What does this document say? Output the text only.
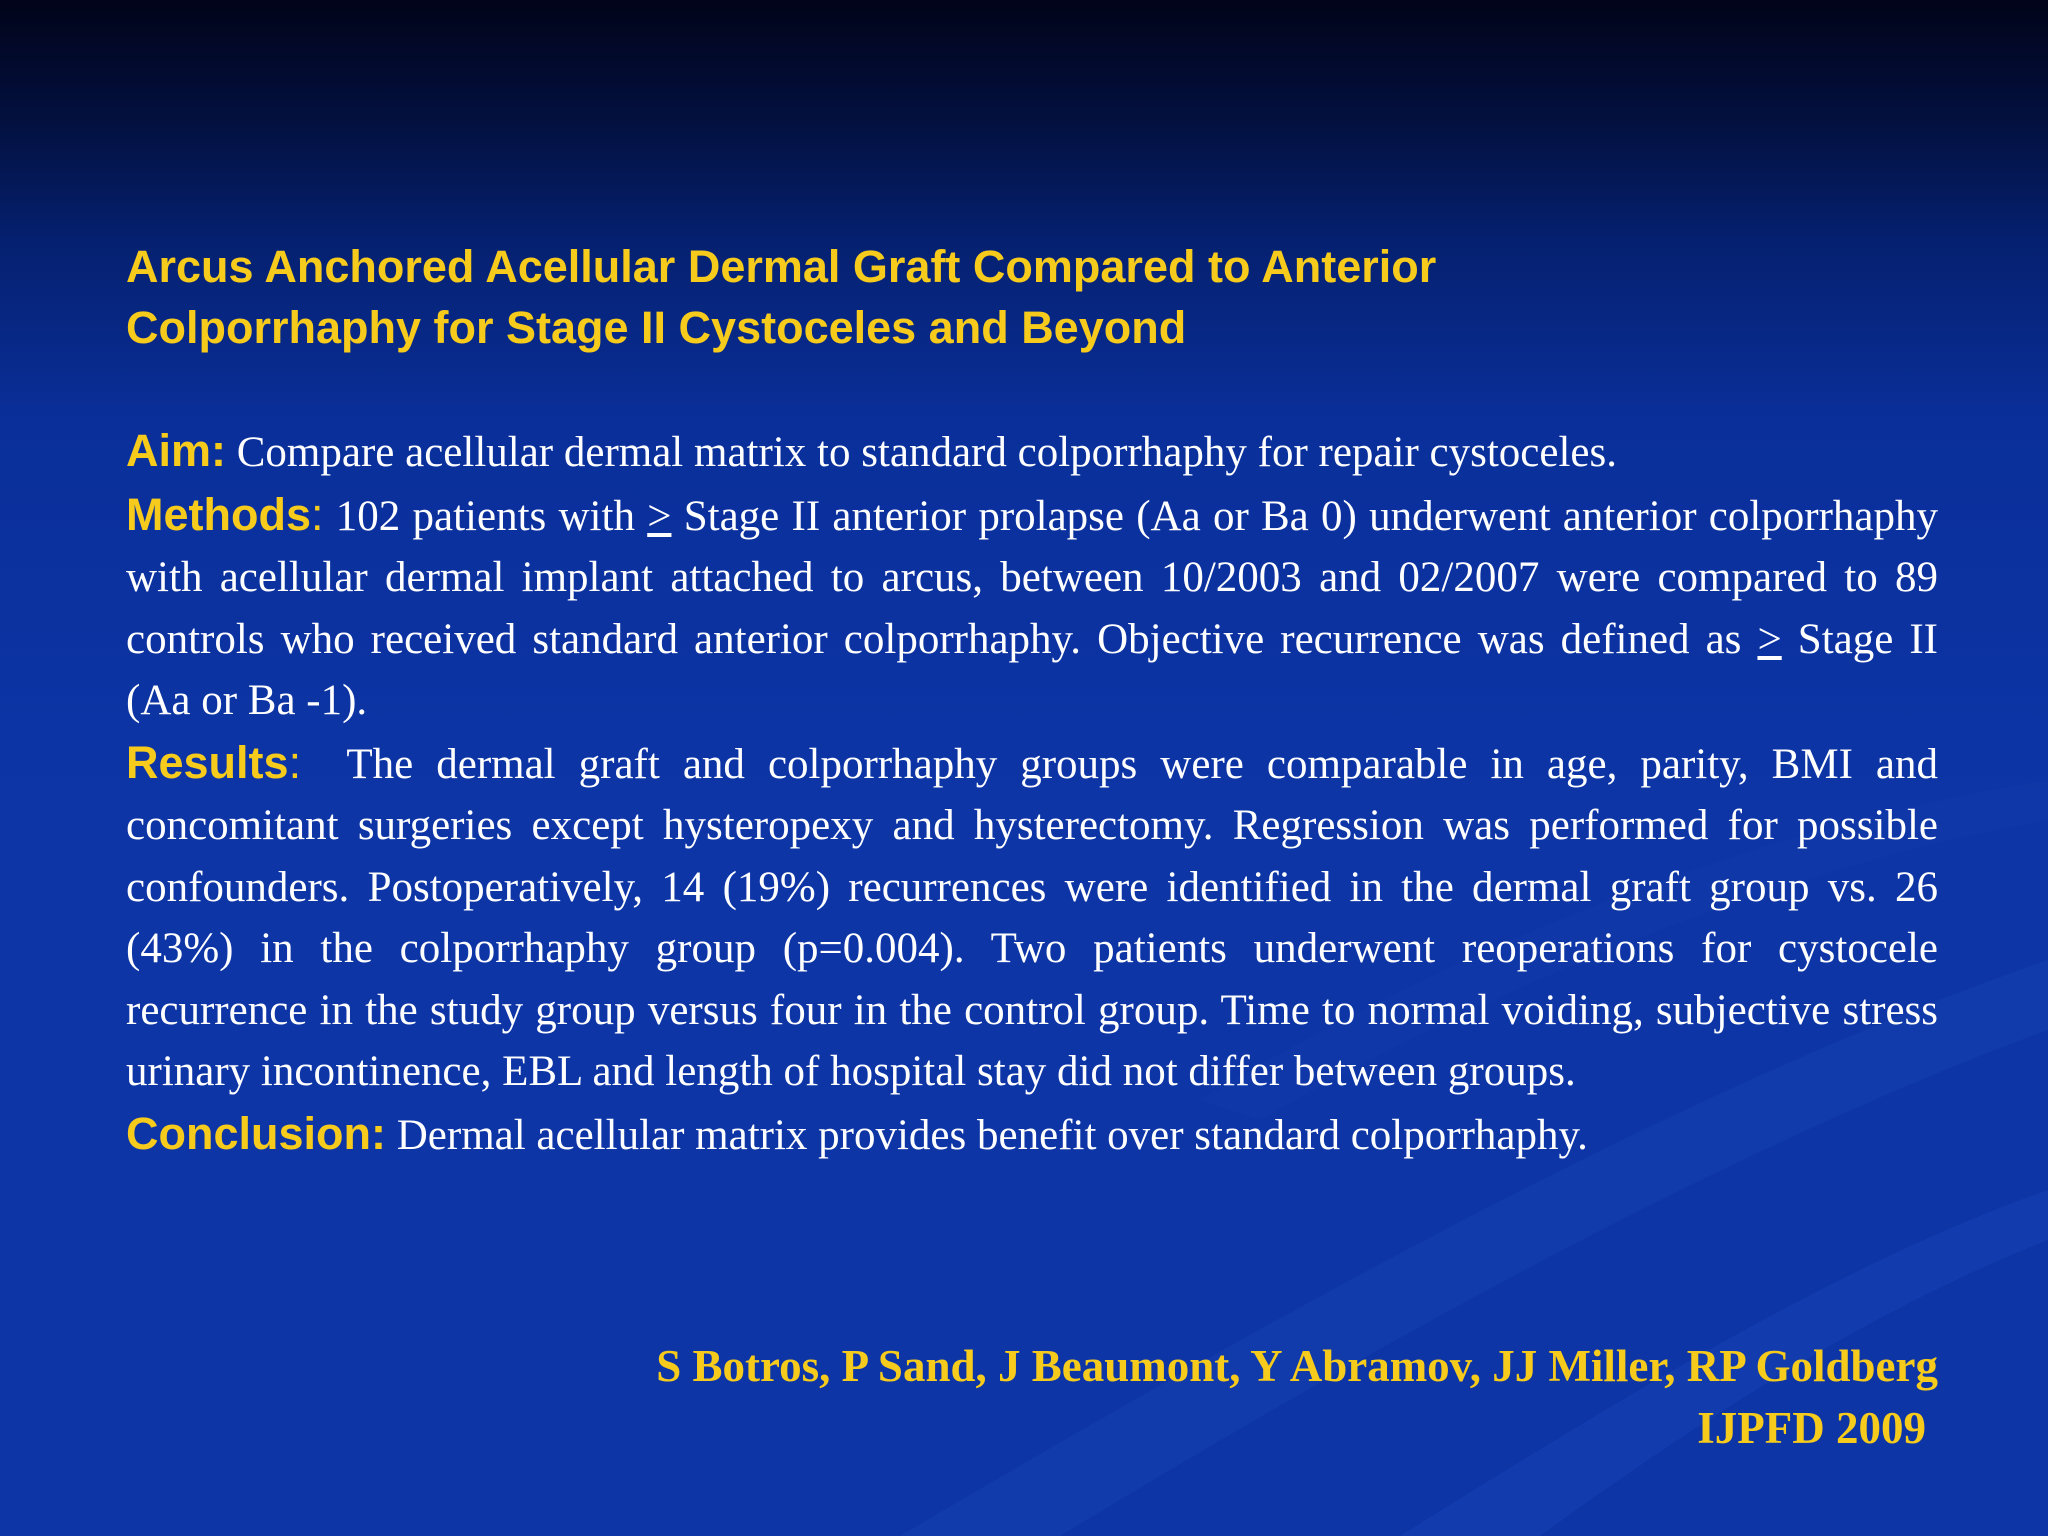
Arcus Anchored Acellular Dermal Graft Compared to Anterior
Colporrhaphy for Stage II Cystoceles and Beyond

Aim: Compare acellular dermal matrix to standard colporrhaphy for repair cystoceles.

Methods: 102 patients with > Stage II anterior prolapse (Aa or Ba 0) underwent anterior colporrhaphy with acellular dermal implant attached to arcus, between 10/2003 and 02/2007 were compared to 89 controls who received standard anterior colporrhaphy. Objective recurrence was defined as > Stage II (Aa or Ba -1).

Results: The dermal graft and colporrhaphy groups were comparable in age, parity, BMI and concomitant surgeries except hysteropexy and hysterectomy. Regression was performed for possible confounders. Postoperatively, 14 (19%) recurrences were identified in the dermal graft group vs. 26 (43%) in the colporrhaphy group (p=0.004). Two patients underwent reoperations for cystocele recurrence in the study group versus four in the control group. Time to normal voiding, subjective stress urinary incontinence, EBL and length of hospital stay did not differ between groups.

Conclusion: Dermal acellular matrix provides benefit over standard colporrhaphy.

S Botros, P Sand, J Beaumont, Y Abramov, JJ Miller, RP Goldberg
IJPFD 2009
